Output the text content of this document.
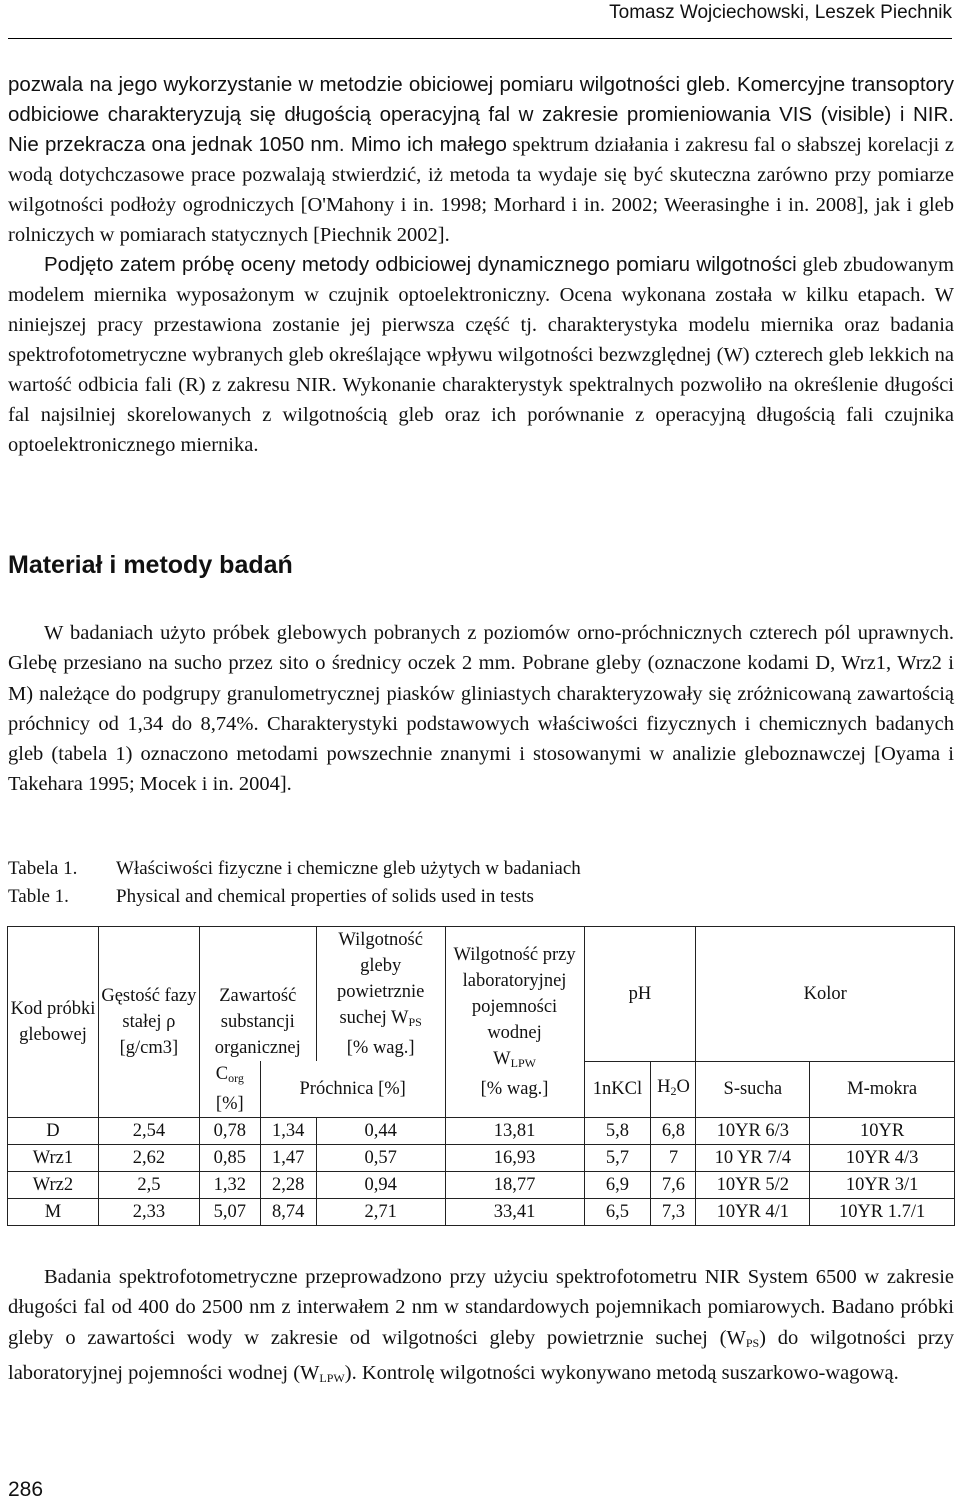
Tomasz Wojciechowski, Leszek Piechnik

pozwala na jego wykorzystanie w metodzie obiciowej pomiaru wilgotności gleb. Komercyjne transoptory odbiciowe charakteryzują się długością operacyjną fal w zakresie promieniowania VIS (visible) i NIR. Nie przekracza ona jednak 1050 nm. Mimo ich małego spektrum działania i zakresu fal o słabszej korelacji z wodą dotychczasowe prace pozwalają stwierdzić, iż metoda ta wydaje się być skuteczna zarówno przy pomiarze wilgotności podłoży ogrodniczych [O'Mahony i in. 1998; Morhard i in. 2002; Weerasinghe i in. 2008], jak i gleb rolniczych w pomiarach statycznych [Piechnik 2002].

Podjęto zatem próbę oceny metody odbiciowej dynamicznego pomiaru wilgotności gleb zbudowanym modelem miernika wyposażonym w czujnik optoelektroniczny. Ocena wykonana została w kilku etapach. W niniejszej pracy przestawiona zostanie jej pierwsza część tj. charakterystyka modelu miernika oraz badania spektrofotometryczne wybranych gleb określające wpływu wilgotności bezwzględnej (W) czterech gleb lekkich na wartość odbicia fali (R) z zakresu NIR. Wykonanie charakterystyk spektralnych pozwoliło na określenie długości fal najsilniej skorelowanych z wilgotnością gleb oraz ich porównanie z operacyjną długością fali czujnika optoelektronicznego miernika.

Materiał i metody badań

W badaniach użyto próbek glebowych pobranych z poziomów orno-próchnicznych czterech pól uprawnych. Glebę przesiano na sucho przez sito o średnicy oczek 2 mm. Pobrane gleby (oznaczone kodami D, Wrz1, Wrz2 i M) należące do podgrupy granulometrycznej piasków gliniastych charakteryzowały się zróżnicowaną zawartością próchnicy od 1,34 do 8,74%. Charakterystyki podstawowych właściwości fizycznych i chemicznych badanych gleb (tabela 1) oznaczono metodami powszechnie znanymi i stosowanymi w analizie gleboznawczej [Oyama i Takehara 1995; Mocek i in. 2004].

Tabela 1. Właściwości fizyczne i chemiczne gleb użytych w badaniach
Table 1. Physical and chemical properties of solids used in tests
Kod próbki glebowej	Gęstość fazy stałej ρ [g/cm3]	Zawartość substancji organicznej		Wilgotność gleby powietrznie suchej $W_{PS}$
[% wag.]	Wilgotność przy laboratoryjnej pojemności wodnej
$W_{LPW}$
[% wag.]	pH		Kolor	
		$C_{org}$
[%]	Próchnica [%]			1nKCl	$H_2O$	S-sucha	M-mokra
D	2,54	0,78	1,34	0,44	13,81	5,8	6,8	10YR 6/3	10YR
Wrz1	2,62	0,85	1,47	0,57	16,93	5,7	7	10 YR 7/4	10YR 4/3
Wrz2	2,5	1,32	2,28	0,94	18,77	6,9	7,6	10YR 5/2	10YR 3/1
M	2,33	5,07	8,74	2,71	33,41	6,5	7,3	10YR 4/1	10YR 1.7/1

Badania spektrofotometryczne przeprowadzono przy użyciu spektrofotometru NIR System 6500 w zakresie długości fal od 400 do 2500 nm z interwałem 2 nm w standardowych pojemnikach pomiarowych. Badano próbki gleby o zawartości wody w zakresie od wilgotności gleby powietrznie suchej $(W_{PS})$ do wilgotności przy laboratoryjnej pojemności wodnej $(W_{LPW})$. Kontrolę wilgotności wykonywano metodą suszarkowo-wagową.

286
